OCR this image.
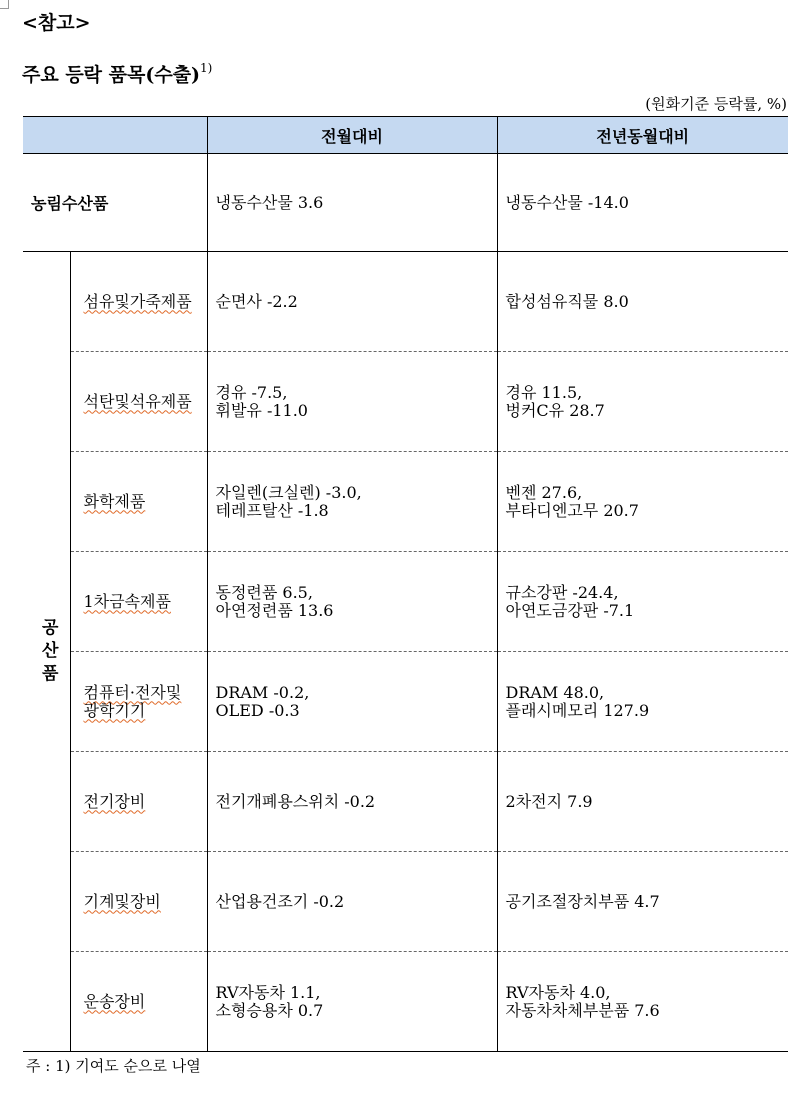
<참고>
주요 등락 품목(수출)$^{1)}$
(원화기준 등락률, %)
		전월대비	전년동월대비
농림수산품		냉동수산물 3.6	냉동수산물 -14.0

공
산
품	섬유및가죽제품	순면사 -2.2	합성섬유직물 8.0

	석탄및석유제품	경유 -7.5,
휘발유 -11.0	경유 11.5,
벙커C유 28.7

	화학제품	자일렌(크실렌) -3.0,
테레프탈산 -1.8	벤젠 27.6,
부타디엔고무 20.7

	1차금속제품	동정련품 6.5,
아연정련품 13.6	규소강판 -24.4,
아연도금강판 -7.1

	컴퓨터·전자및
광학기기	DRAM -0.2,
OLED -0.3	DRAM 48.0,
플래시메모리 127.9

	전기장비	전기개폐용스위치 -0.2	2차전지 7.9

	기계및장비	산업용건조기 -0.2	공기조절장치부품 4.7

	운송장비	RV자동차 1.1,
소형승용차 0.7	RV자동차 4.0,
자동차차체부분품 7.6
주 : 1) 기여도 순으로 나열
